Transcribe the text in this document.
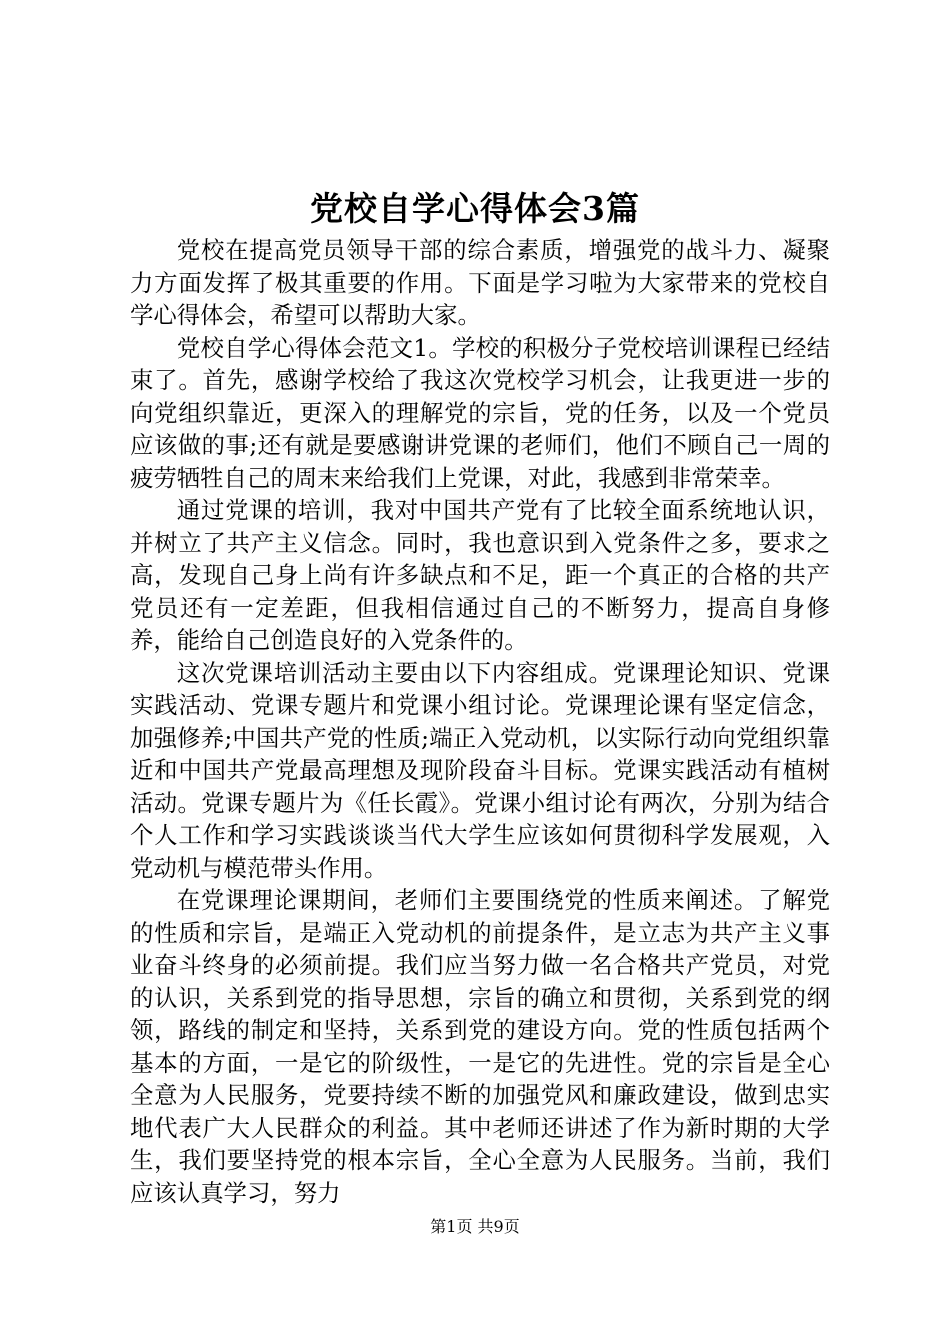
党校自学心得体会3篇

党校在提高党员领导干部的综合素质，增强党的战斗力、凝聚力方面发挥了极其重要的作用。下面是学习啦为大家带来的党校自学心得体会，希望可以帮助大家。

党校自学心得体会范文1。学校的积极分子党校培训课程已经结束了。首先，感谢学校给了我这次党校学习机会，让我更进一步的向党组织靠近，更深入的理解党的宗旨，党的任务，以及一个党员应该做的事;还有就是要感谢讲党课的老师们，他们不顾自己一周的疲劳牺牲自己的周末来给我们上党课，对此，我感到非常荣幸。

通过党课的培训，我对中国共产党有了比较全面系统地认识，并树立了共产主义信念。同时，我也意识到入党条件之多，要求之高，发现自己身上尚有许多缺点和不足，距一个真正的合格的共产党员还有一定差距，但我相信通过自己的不断努力，提高自身修养，能给自己创造良好的入党条件的。

这次党课培训活动主要由以下内容组成。党课理论知识、党课实践活动、党课专题片和党课小组讨论。党课理论课有坚定信念，加强修养;中国共产党的性质;端正入党动机，以实际行动向党组织靠近和中国共产党最高理想及现阶段奋斗目标。党课实践活动有植树活动。党课专题片为《任长霞》。党课小组讨论有两次，分别为结合个人工作和学习实践谈谈当代大学生应该如何贯彻科学发展观，入党动机与模范带头作用。

在党课理论课期间，老师们主要围绕党的性质来阐述。了解党的性质和宗旨，是端正入党动机的前提条件，是立志为共产主义事业奋斗终身的必须前提。我们应当努力做一名合格共产党员，对党的认识，关系到党的指导思想，宗旨的确立和贯彻，关系到党的纲领，路线的制定和坚持，关系到党的建设方向。党的性质包括两个基本的方面，一是它的阶级性，一是它的先进性。党的宗旨是全心全意为人民服务，党要持续不断的加强党风和廉政建设，做到忠实地代表广大人民群众的利益。其中老师还讲述了作为新时期的大学生，我们要坚持党的根本宗旨，全心全意为人民服务。当前，我们应该认真学习，努力

第1页 共9页
